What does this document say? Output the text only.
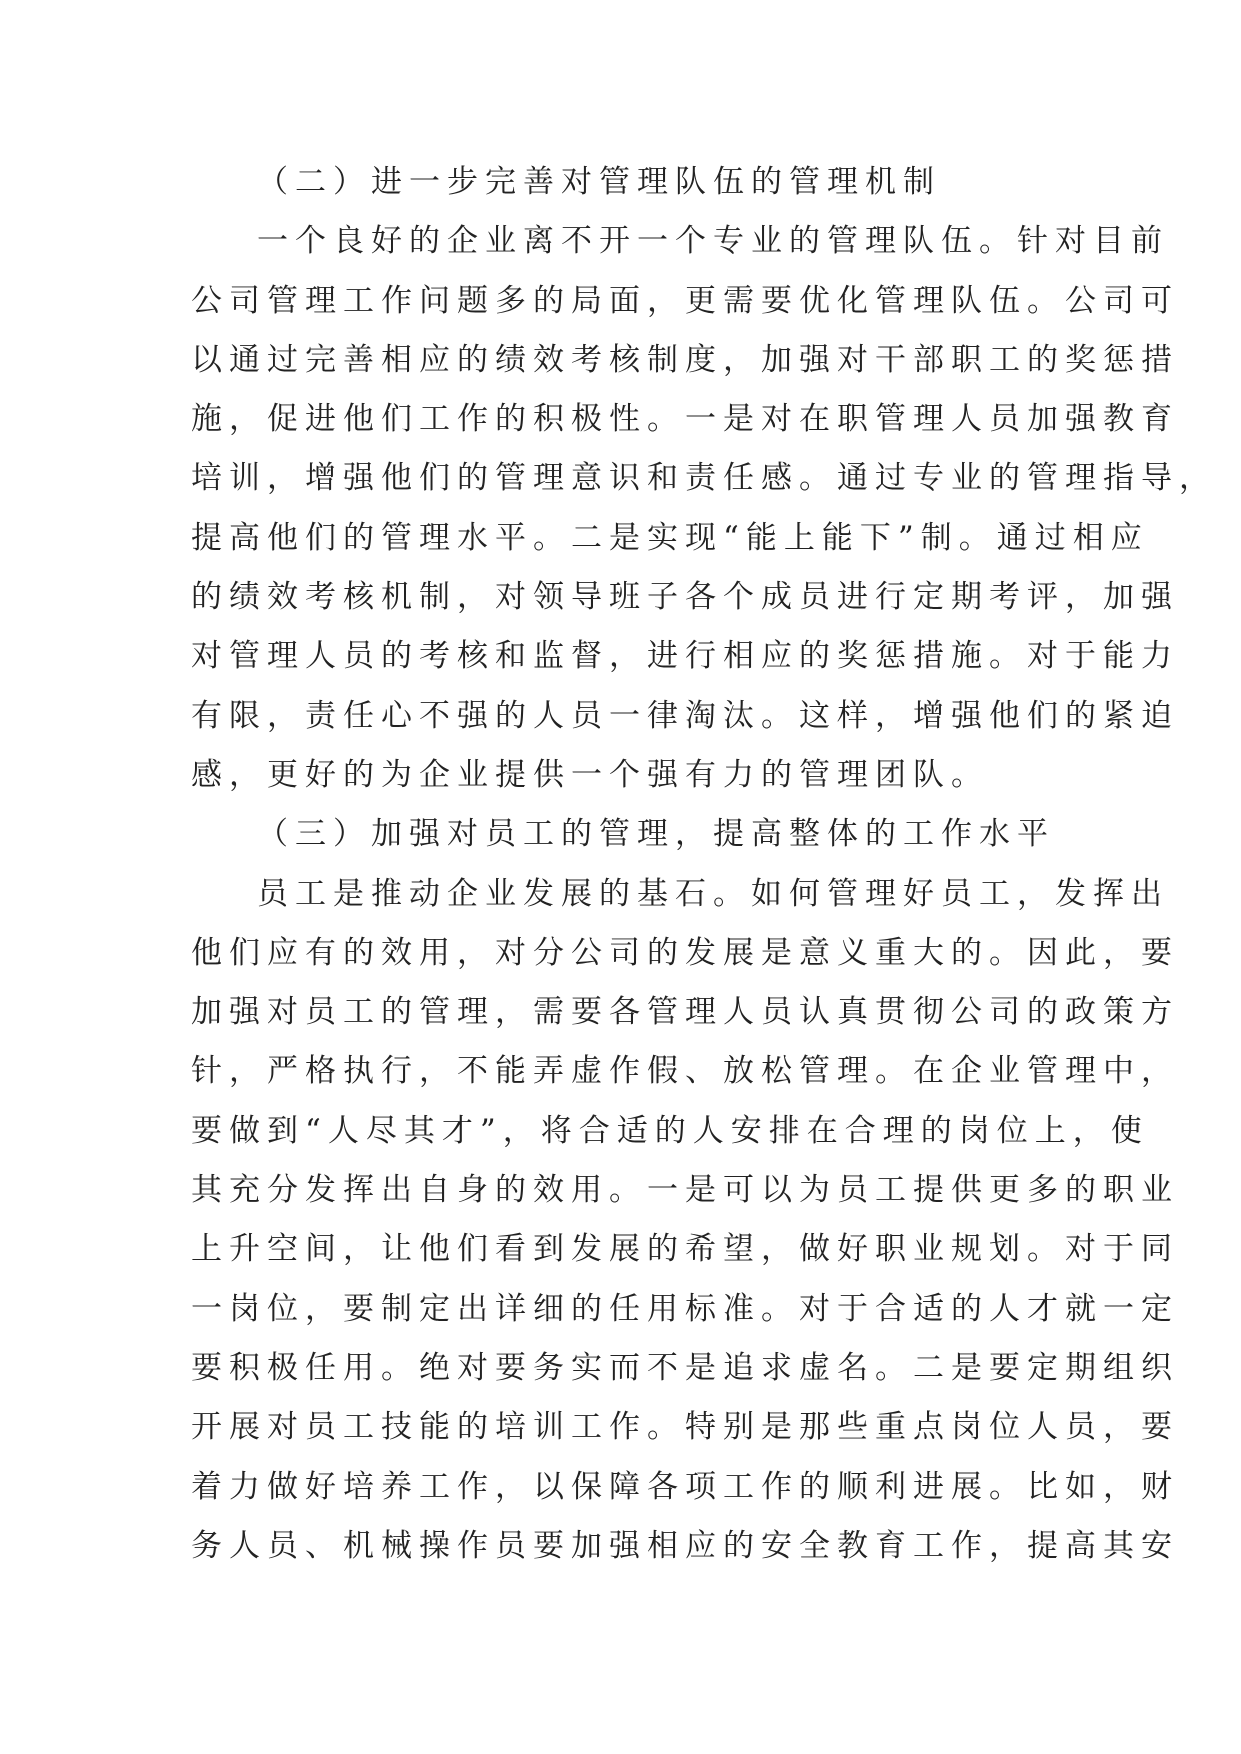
（二）进一步完善对管理队伍的管理机制
一个良好的企业离不开一个专业的管理队伍。针对目前
公司管理工作问题多的局面，更需要优化管理队伍。公司可
以通过完善相应的绩效考核制度，加强对干部职工的奖惩措
施，促进他们工作的积极性。一是对在职管理人员加强教育
培训，增强他们的管理意识和责任感。通过专业的管理指导，
提高他们的管理水平。二是实现“能上能下”制。通过相应
的绩效考核机制，对领导班子各个成员进行定期考评，加强
对管理人员的考核和监督，进行相应的奖惩措施。对于能力
有限，责任心不强的人员一律淘汰。这样，增强他们的紧迫
感，更好的为企业提供一个强有力的管理团队。
（三）加强对员工的管理，提高整体的工作水平
员工是推动企业发展的基石。如何管理好员工，发挥出
他们应有的效用，对分公司的发展是意义重大的。因此，要
加强对员工的管理，需要各管理人员认真贯彻公司的政策方
针，严格执行，不能弄虚作假、放松管理。在企业管理中，
要做到“人尽其才”，将合适的人安排在合理的岗位上，使
其充分发挥出自身的效用。一是可以为员工提供更多的职业
上升空间，让他们看到发展的希望，做好职业规划。对于同
一岗位，要制定出详细的任用标准。对于合适的人才就一定
要积极任用。绝对要务实而不是追求虚名。二是要定期组织
开展对员工技能的培训工作。特别是那些重点岗位人员，要
着力做好培养工作，以保障各项工作的顺利进展。比如，财
务人员、机械操作员要加强相应的安全教育工作，提高其安
